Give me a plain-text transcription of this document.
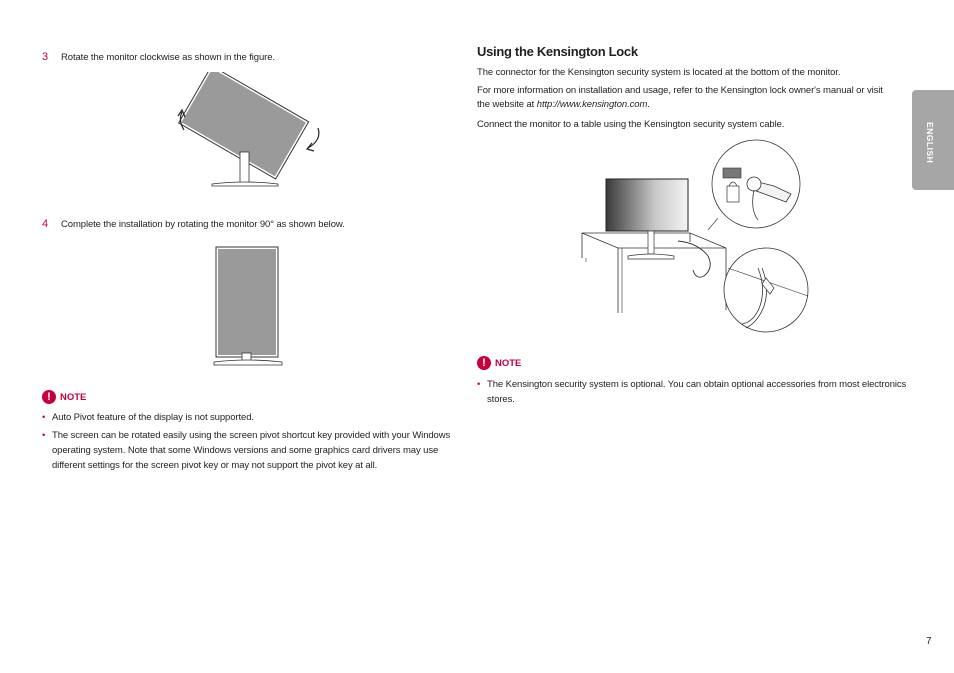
3 Rotate the monitor clockwise as shown in the figure.
4 Complete the installation by rotating the monitor 90° as shown below.
! NOTE
• Auto Pivot feature of the display is not supported.
• The screen can be rotated easily using the screen pivot shortcut key provided with your Windows operating system. Note that some Windows versions and some graphics card drivers may use different settings for the screen pivot key or may not support the pivot key at all.
Using the Kensington Lock
The connector for the Kensington security system is located at the bottom of the monitor.
For more information on installation and usage, refer to the Kensington lock owner's manual or visit the website at http://www.kensington.com.
Connect the monitor to a table using the Kensington security system cable.
! NOTE
• The Kensington security system is optional. You can obtain optional accessories from most electronics stores.
ENGLISH
7
